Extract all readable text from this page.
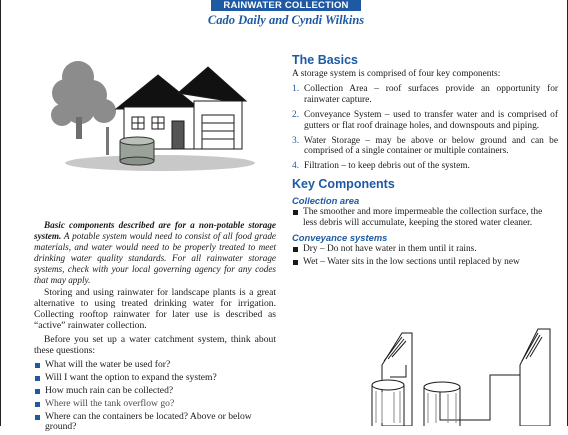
RAINWATER COLLECTION
Cado Daily and Cyndi Wilkins

Basic components described are for a non-potable storage system. A potable system would need to consist of all food grade materials, and water would need to be properly treated to meet drinking water quality standards. For all rainwater storage systems, check with your local governing agency for any codes that may apply.

Storing and using rainwater for landscape plants is a great alternative to using treated drinking water for irrigation. Collecting rooftop rainwater for later use is described as “active” rainwater collection.

Before you set up a water catchment system, think about these questions:

What will the water be used for?
Will I want the option to expand the system?
How much rain can be collected?
Where will the tank overflow go?
Where can the containers be located? Above or below ground?
The Basics
A storage system is comprised of four key components:
1. Collection Area – roof surfaces provide an opportunity for rainwater capture.
2. Conveyance System – used to transfer water and is comprised of gutters or flat roof drainage holes, and downspouts and piping.
3. Water Storage – may be above or below ground and can be comprised of a single container or multiple containers.
4. Filtration – to keep debris out of the system.
Key Components
Collection area
The smoother and more impermeable the collection surface, the less debris will accumulate, keeping the stored water cleaner.
Conveyance systems
Dry – Do not have water in them until it rains.
Wet – Water sits in the low sections until replaced by new
